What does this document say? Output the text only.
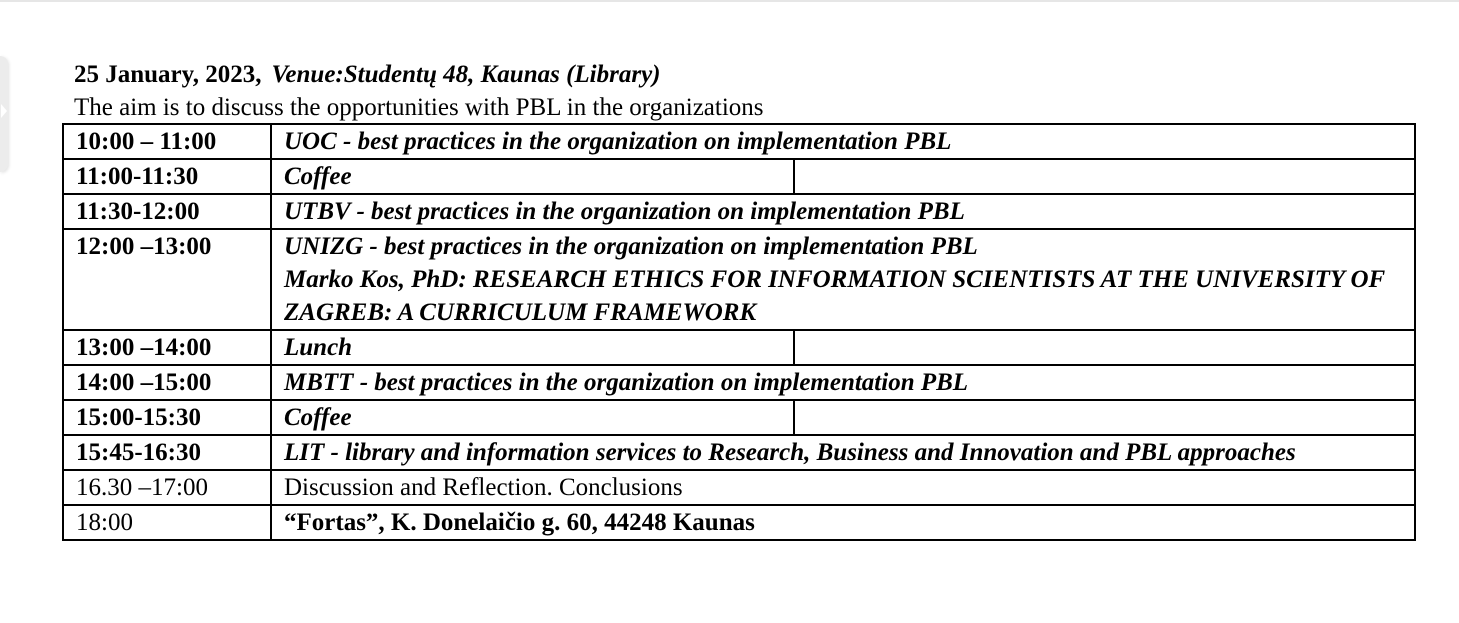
25 January, 2023, Venue:Studentų 48, Kaunas (Library)
The aim is to discuss the opportunities with PBL in the organizations
10:00 – 11:00	UOC - best practices in the organization on implementation PBL	
11:00-11:30	Coffee	
11:30-12:00	UTBV - best practices in the organization on implementation PBL	
12:00 –13:00	UNIZG - best practices in the organization on implementation PBL
Marko Kos, PhD: RESEARCH ETHICS FOR INFORMATION SCIENTISTS AT THE UNIVERSITY OF ZAGREB: A CURRICULUM FRAMEWORK	

13:00 –14:00	Lunch	
14:00 –15:00	MBTT - best practices in the organization on implementation PBL	
15:00-15:30	Coffee	
15:45-16:30	LIT - library and information services to Research, Business and Innovation and PBL approaches	
16.30 –17:00	Discussion and Reflection. Conclusions	
18:00	“Fortas”, K. Donelaičio g. 60, 44248 Kaunas	
